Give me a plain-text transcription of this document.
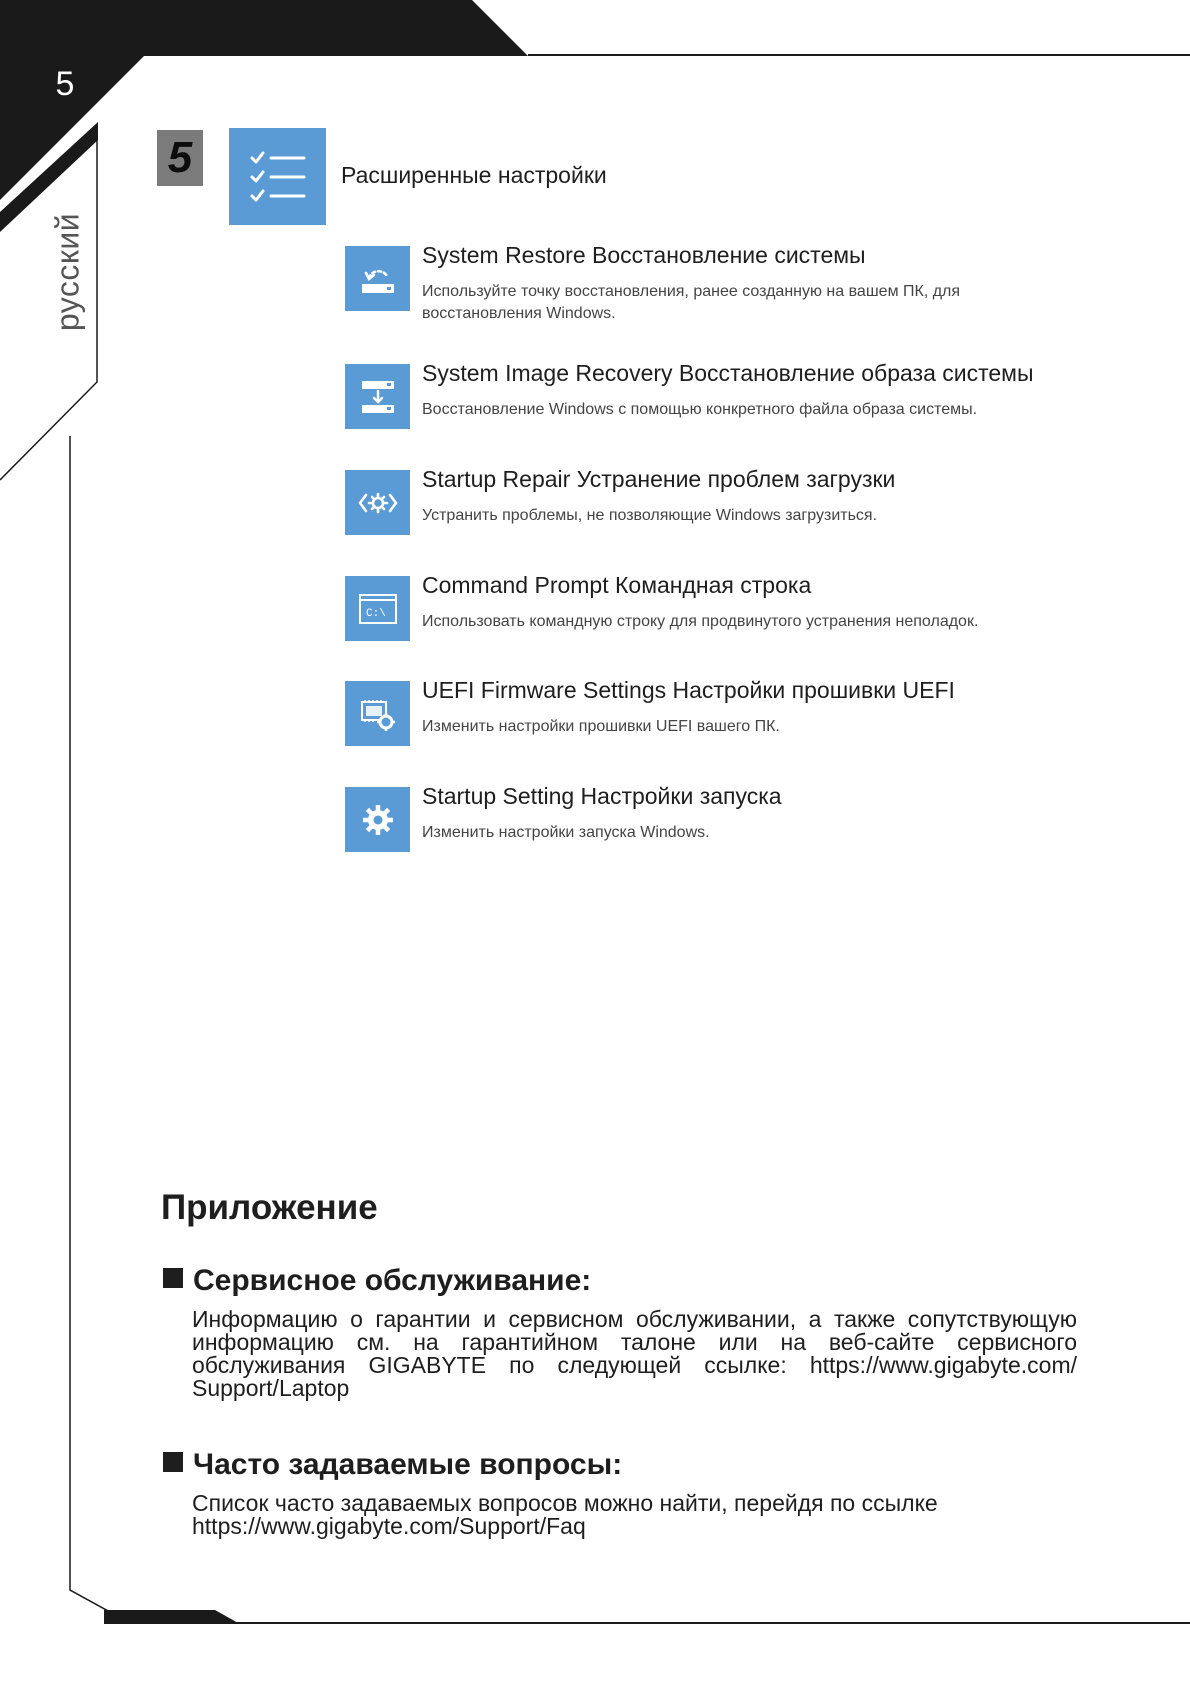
5
русский
5	Расширенные настройки
System Restore Восстановление системы
Используйте точку восстановления, ранее созданную на вашем ПК, для восстановления Windows.
System Image Recovery Восстановление образа системы
Восстановление Windows с помощью конкретного файла образа системы.
Startup Repair Устранение проблем загрузки
Устранить проблемы, не позволяющие Windows загрузиться.
C:\
Command Prompt Командная строка
Использовать командную строку для продвинутого устранения неполадок.
UEFI Firmware Settings Настройки прошивки UEFI
Изменить настройки прошивки UEFI вашего ПК.
Startup Setting Настройки запуска
Изменить настройки запуска Windows.
Приложение
Сервисное обслуживание:
Информацию о гарантии и сервисном обслуживании, а также сопутствующую информацию см. на гарантийном талоне или на веб-сайте сервисного обслуживания GIGABYTE по следующей ссылке: https://www.gigabyte.com/ Support/Laptop
Часто задаваемые вопросы:
Список часто задаваемых вопросов можно найти, перейдя по ссылке
https://www.gigabyte.com/Support/Faq
